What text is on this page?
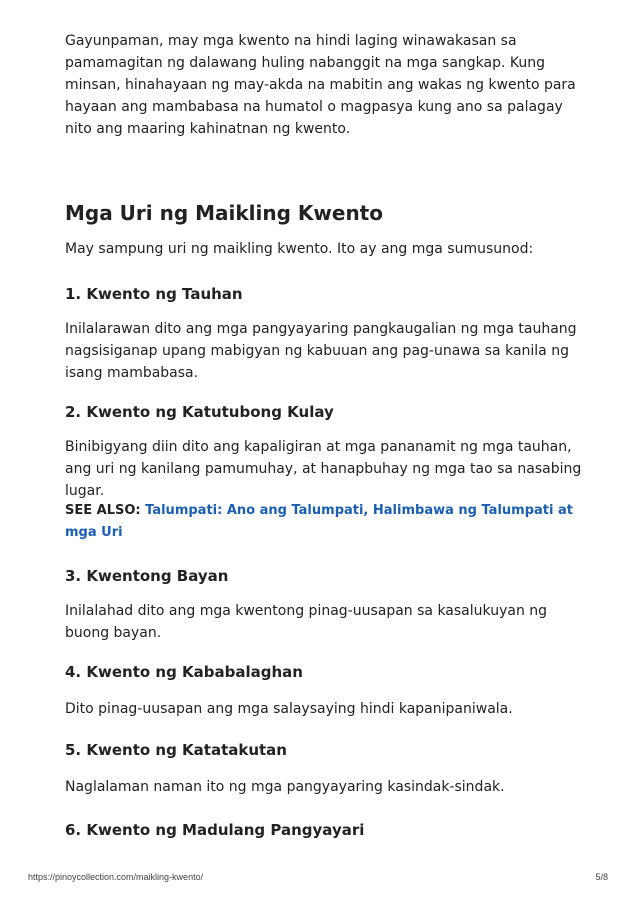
Gayunpaman, may mga kwento na hindi laging winawakasan sa pamamagitan ng dalawang huling nabanggit na mga sangkap. Kung minsan, hinahayaan ng may-akda na mabitin ang wakas ng kwento para hayaan ang mambabasa na humatol o magpasya kung ano sa palagay nito ang maaring kahinatnan ng kwento.

Mga Uri ng Maikling Kwento

May sampung uri ng maikling kwento. Ito ay ang mga sumusunod:

1. Kwento ng Tauhan

Inilalarawan dito ang mga pangyayaring pangkaugalian ng mga tauhang nagsisiganap upang mabigyan ng kabuuan ang pag-unawa sa kanila ng isang mambabasa.

2. Kwento ng Katutubong Kulay

Binibigyang diin dito ang kapaligiran at mga pananamit ng mga tauhan, ang uri ng kanilang pamumuhay, at hanapbuhay ng mga tao sa nasabing lugar.

SEE ALSO: Talumpati: Ano ang Talumpati, Halimbawa ng Talumpati at mga Uri
3. Kwentong Bayan

Inilalahad dito ang mga kwentong pinag-uusapan sa kasalukuyan ng buong bayan.

4. Kwento ng Kababalaghan

Dito pinag-uusapan ang mga salaysaying hindi kapanipaniwala.

5. Kwento ng Katatakutan

Naglalaman naman ito ng mga pangyayaring kasindak-sindak.

6. Kwento ng Madulang Pangyayari
https://pinoycollection.com/maikling-kwento/	5/8
